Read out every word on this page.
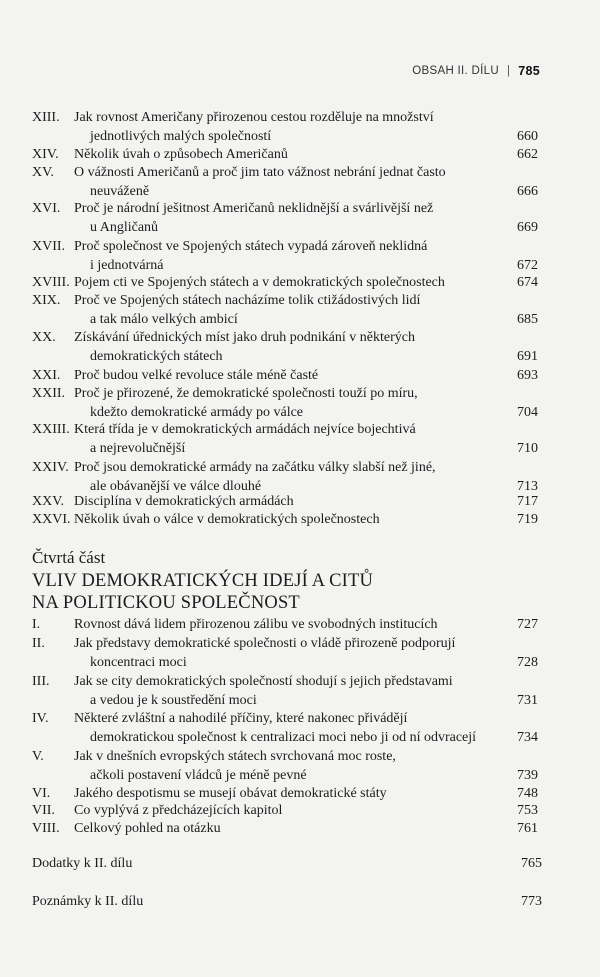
OBSAH II. DÍLU | 785
XIII. Jak rovnost Američany přirozenou cestou rozděluje na množství
jednotlivých malých společností	660
XIV. Několik úvah o způsobech Američanů	662
XV. O vážnosti Američanů a proč jim tato vážnost nebrání jednat často
neuváženě	666
XVI. Proč je národní ješitnost Američanů neklidnější a svárlivější než
u Angličanů	669
XVII. Proč společnost ve Spojených státech vypadá zároveň neklidná
i jednotvárná	672
XVIII. Pojem cti ve Spojených státech a v demokratických společnostech	674
XIX. Proč ve Spojených státech nacházíme tolik ctižádostivých lidí
a tak málo velkých ambicí	685
XX. Získávání úřednických míst jako druh podnikání v některých
demokratických státech	691
XXI. Proč budou velké revoluce stále méně časté	693
XXII. Proč je přirozené, že demokratické společnosti touží po míru,
kdežto demokratické armády po válce	704
XXIII. Která třída je v demokratických armádách nejvíce bojechtivá
a nejrevolučnější	710
XXIV. Proč jsou demokratické armády na začátku války slabší než jiné,
ale obávanější ve válce dlouhé	713
XXV. Disciplína v demokratických armádách	717
XXVI. Několik úvah o válce v demokratických společnostech	719
I. Rovnost dává lidem přirozenou zálibu ve svobodných institucích	727
II. Jak představy demokratické společnosti o vládě přirozeně podporují
koncentraci moci	728
III. Jak se city demokratických společností shodují s jejich představami
a vedou je k soustředění moci	731
IV. Některé zvláštní a nahodilé příčiny, které nakonec přivádějí
demokratickou společnost k centralizaci moci nebo ji od ní odvracejí	734
V. Jak v dnešních evropských státech svrchovaná moc roste,
ačkoli postavení vládců je méně pevné	739
VI. Jakého despotismu se musejí obávat demokratické státy	748
VII. Co vyplývá z předcházejících kapitol	753
VIII. Celkový pohled na otázku	761
Čtvrtá část
VLIV DEMOKRATICKÝCH IDEJÍ A CITŮ
NA POLITICKOU SPOLEČNOST
Dodatky k II. dílu	765
Poznámky k II. dílu	773
